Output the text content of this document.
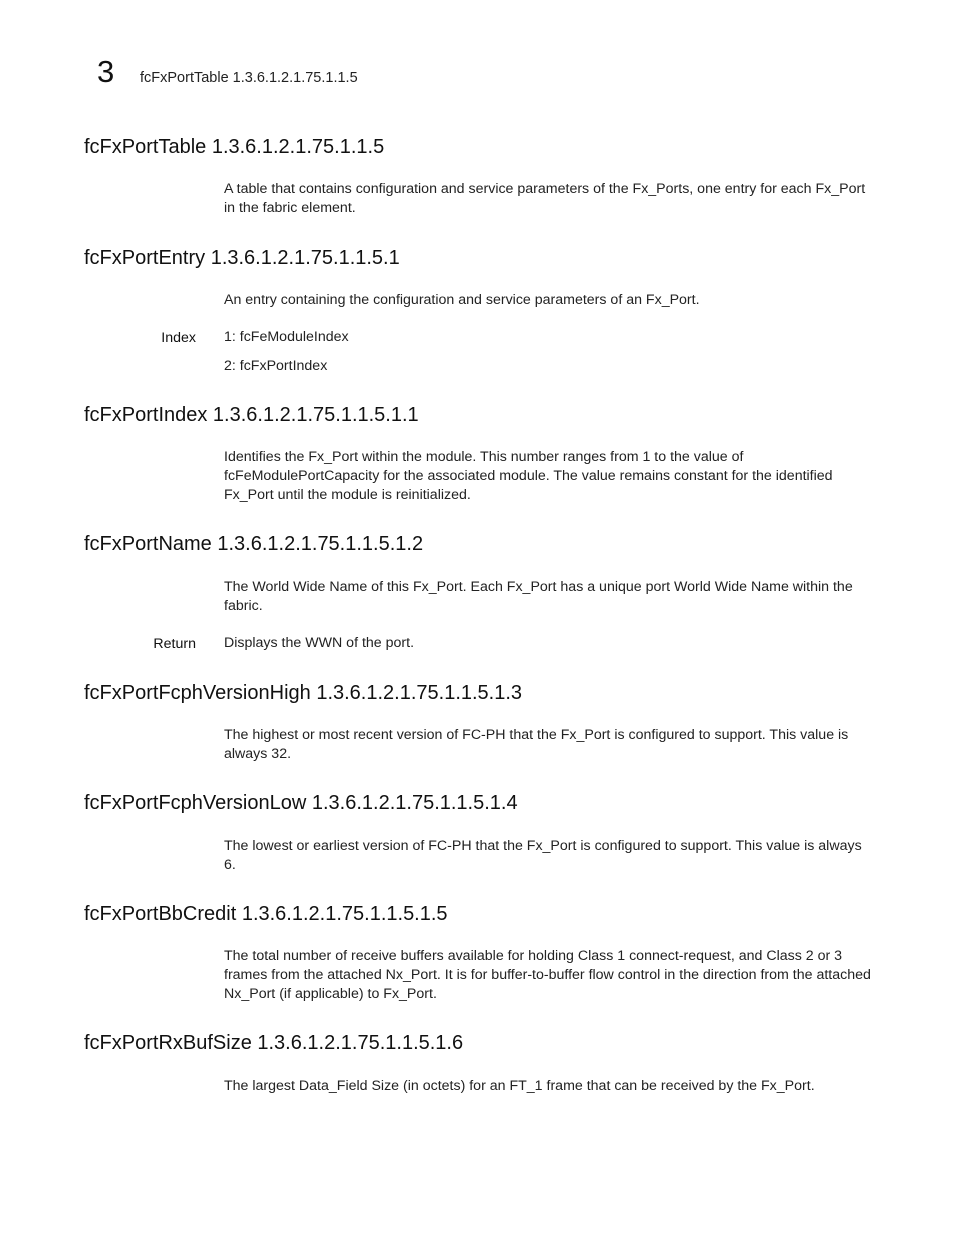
3	fcFxPortTable 1.3.6.1.2.1.75.1.1.5
fcFxPortTable 1.3.6.1.2.1.75.1.1.5

A table that contains configuration and service parameters of the Fx_Ports, one entry for each Fx_Port in the fabric element.

fcFxPortEntry 1.3.6.1.2.1.75.1.1.5.1

An entry containing the configuration and service parameters of an Fx_Port.

Index 1: fcFeModuleIndex
2: fcFxPortIndex
fcFxPortIndex 1.3.6.1.2.1.75.1.1.5.1.1

Identifies the Fx_Port within the module. This number ranges from 1 to the value of fcFeModulePortCapacity for the associated module. The value remains constant for the identified Fx_Port until the module is reinitialized.

fcFxPortName 1.3.6.1.2.1.75.1.1.5.1.2

The World Wide Name of this Fx_Port. Each Fx_Port has a unique port World Wide Name within the fabric.

Return Displays the WWN of the port.
fcFxPortFcphVersionHigh 1.3.6.1.2.1.75.1.1.5.1.3

The highest or most recent version of FC-PH that the Fx_Port is configured to support. This value is always 32.

fcFxPortFcphVersionLow 1.3.6.1.2.1.75.1.1.5.1.4

The lowest or earliest version of FC-PH that the Fx_Port is configured to support. This value is always 6.

fcFxPortBbCredit 1.3.6.1.2.1.75.1.1.5.1.5

The total number of receive buffers available for holding Class 1 connect-request, and Class 2 or 3 frames from the attached Nx_Port. It is for buffer-to-buffer flow control in the direction from the attached Nx_Port (if applicable) to Fx_Port.

fcFxPortRxBufSize 1.3.6.1.2.1.75.1.1.5.1.6

The largest Data_Field Size (in octets) for an FT_1 frame that can be received by the Fx_Port.
